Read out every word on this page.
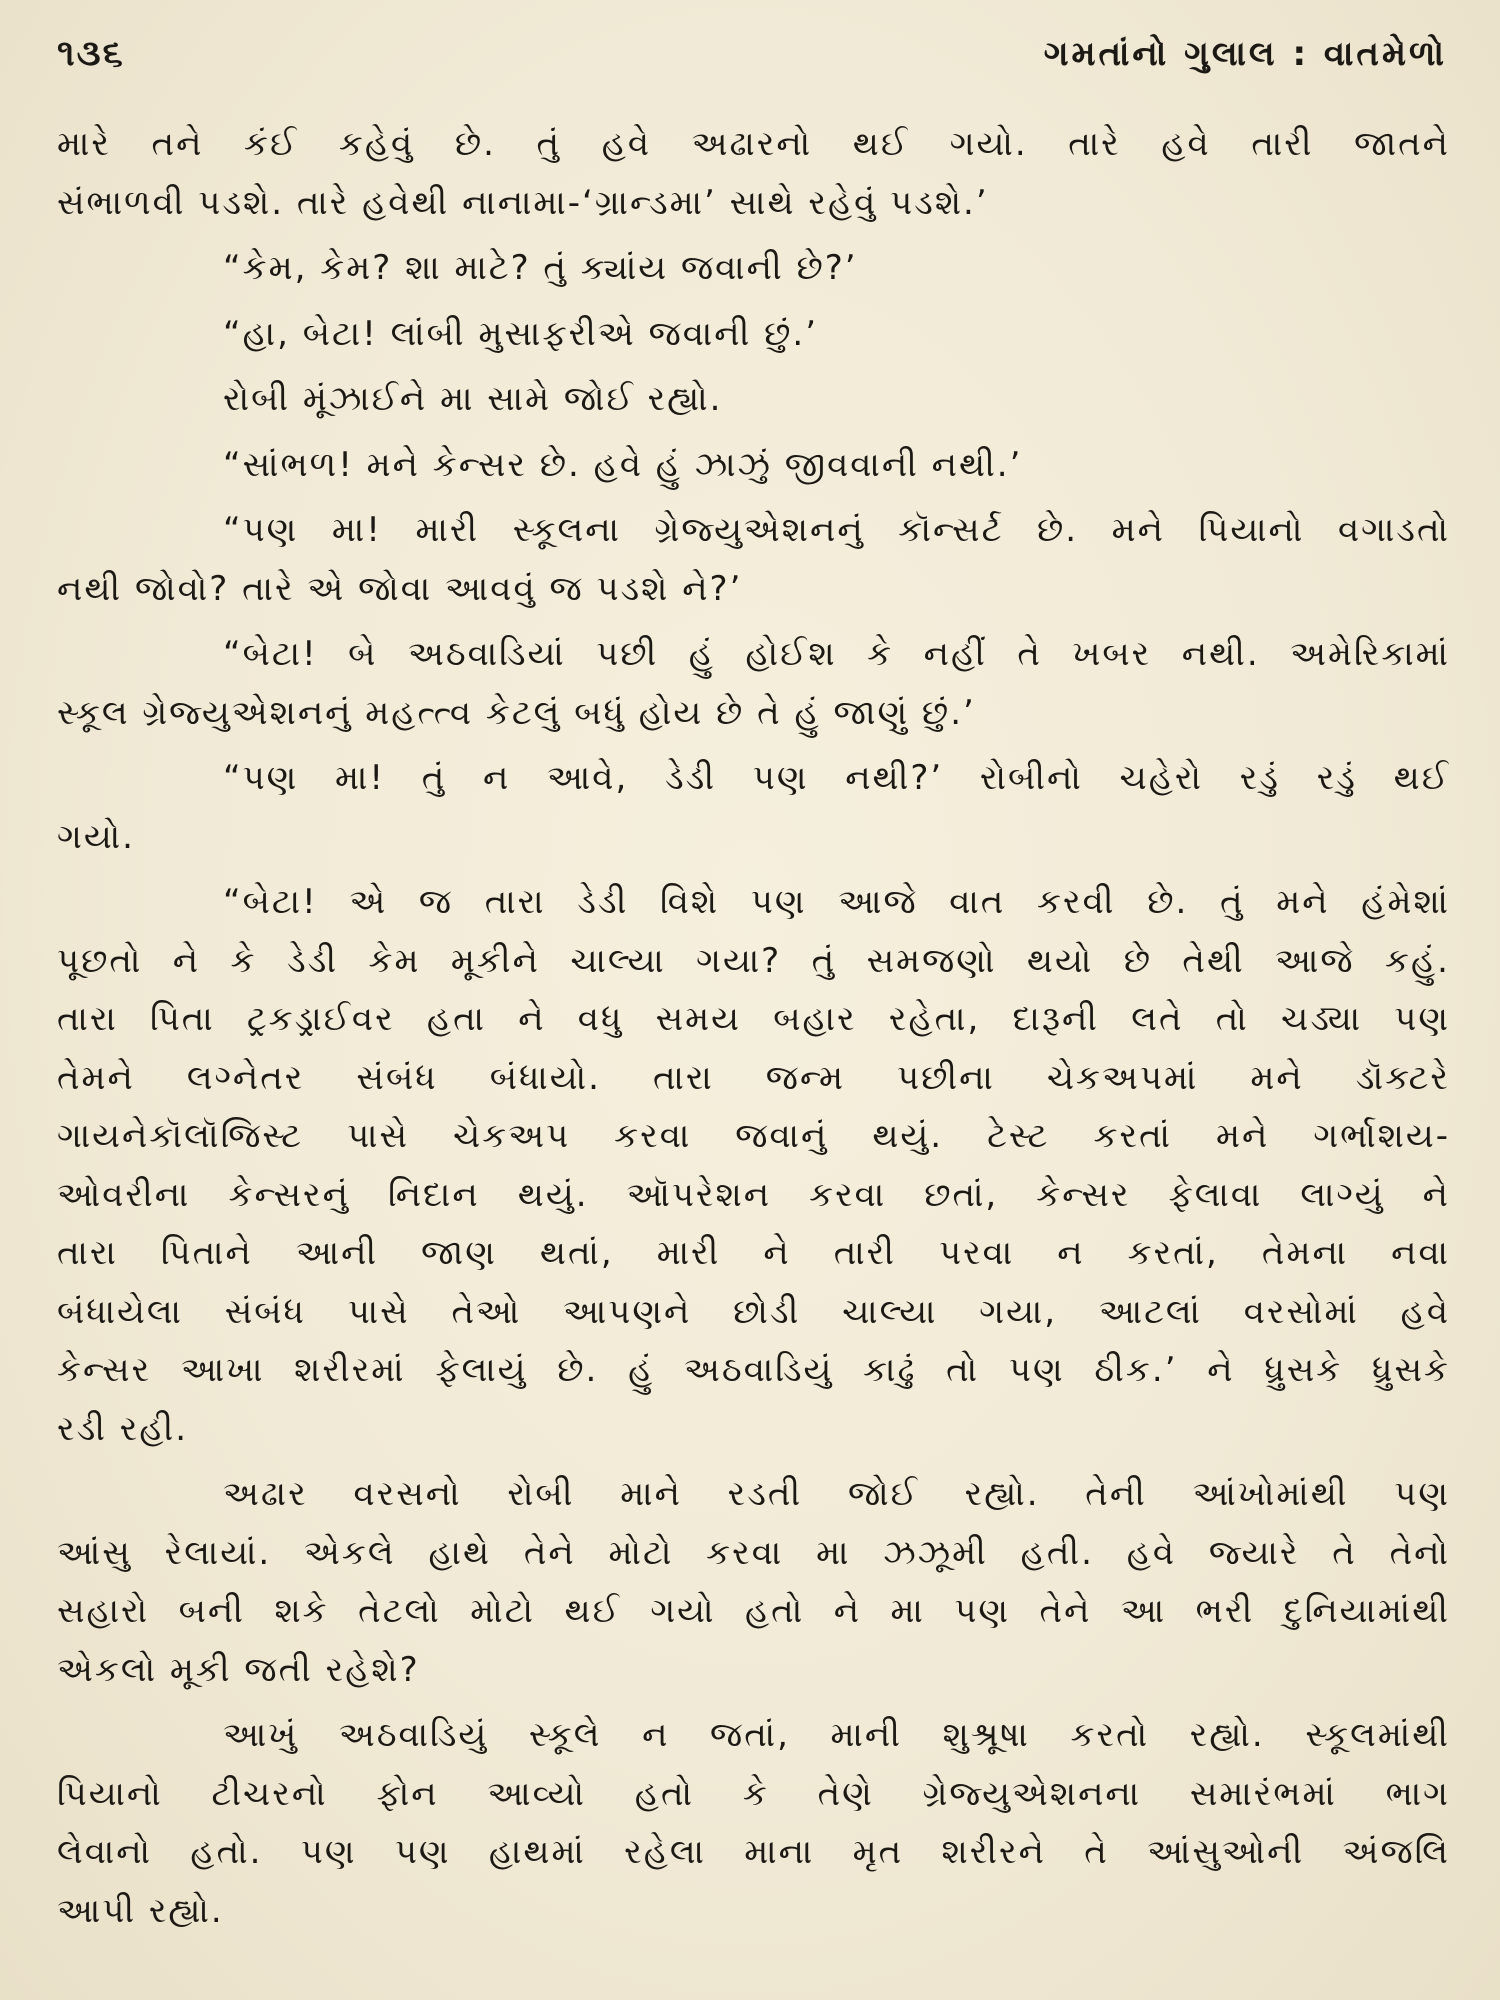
૧૩૬	ગમતાંનો ગુલાલ : વાતમેળો
મારે તને કંઈ કહેવું છે. તું હવે અઢારનો થઈ ગયો. તારે હવે તારી જાતને
સંભાળવી પડશે. તારે હવેથી નાનામા-‘ગ્રાન્ડમા’ સાથે રહેવું પડશે.’
“કેમ, કેમ? શા માટે? તું ક્યાંય જવાની છે?’
“હા, બેટા! લાંબી મુસાફરીએ જવાની છું.’
રોબી મૂંઝાઈને મા સામે જોઈ રહ્યો.
“સાંભળ! મને કેન્સર છે. હવે હું ઝાઝું જીવવાની નથી.’
“પણ મા! મારી સ્કૂલના ગ્રેજ્યુએશનનું કૉન્સર્ટ છે. મને પિયાનો વગાડતો
નથી જોવો? તારે એ જોવા આવવું જ પડશે ને?’
“બેટા! બે અઠવાડિયાં પછી હું હોઈશ કે નહીં તે ખબર નથી. અમેરિકામાં
સ્કૂલ ગ્રેજ્યુએશનનું મહત્ત્વ કેટલું બધું હોય છે તે હું જાણું છું.’
“પણ મા! તું ન આવે, ડેડી પણ નથી?’ રોબીનો ચહેરો રડું રડું થઈ
ગયો.
“બેટા! એ જ તારા ડેડી વિશે પણ આજે વાત કરવી છે. તું મને હંમેશાં
પૂછતો ને કે ડેડી કેમ મૂકીને ચાલ્યા ગયા? તું સમજણો થયો છે તેથી આજે કહું.
તારા પિતા ટ્રકડ્રાઈવર હતા ને વધુ સમય બહાર રહેતા, દારૂની લતે તો ચડ્યા પણ
તેમને લગ્નેતર સંબંધ બંધાયો. તારા જન્મ પછીના ચેકઅપમાં મને ડૉક્ટરે
ગાયનેકૉલૉજિસ્ટ પાસે ચેકઅપ કરવા જવાનું થયું. ટેસ્ટ કરતાં મને ગર્ભાશય-
ઓવરીના કેન્સરનું નિદાન થયું. ઑપરેશન કરવા છતાં, કેન્સર ફેલાવા લાગ્યું ને
તારા પિતાને આની જાણ થતાં, મારી ને તારી પરવા ન કરતાં, તેમના નવા
બંધાયેલા સંબંધ પાસે તેઓ આપણને છોડી ચાલ્યા ગયા, આટલાં વરસોમાં હવે
કેન્સર આખા શરીરમાં ફેલાયું છે. હું અઠવાડિયું કાઢું તો પણ ઠીક.’ ને ધ્રુસકે ધ્રુસકે
રડી રહી.
અઢાર વરસનો રોબી માને રડતી જોઈ રહ્યો. તેની આંખોમાંથી પણ
આંસુ રેલાયાં. એકલે હાથે તેને મોટો કરવા મા ઝઝૂમી હતી. હવે જ્યારે તે તેનો
સહારો બની શકે તેટલો મોટો થઈ ગયો હતો ને મા પણ તેને આ ભરી દુનિયામાંથી
એકલો મૂકી જતી રહેશે?
આખું અઠવાડિયું સ્કૂલે ન જતાં, માની શુશ્રૂષા કરતો રહ્યો. સ્કૂલમાંથી
પિયાનો ટીચરનો ફોન આવ્યો હતો કે તેણે ગ્રેજ્યુએશનના સમારંભમાં ભાગ
લેવાનો હતો. પણ પણ હાથમાં રહેલા માના મૃત શરીરને તે આંસુઓની અંજલિ
આપી રહ્યો.
